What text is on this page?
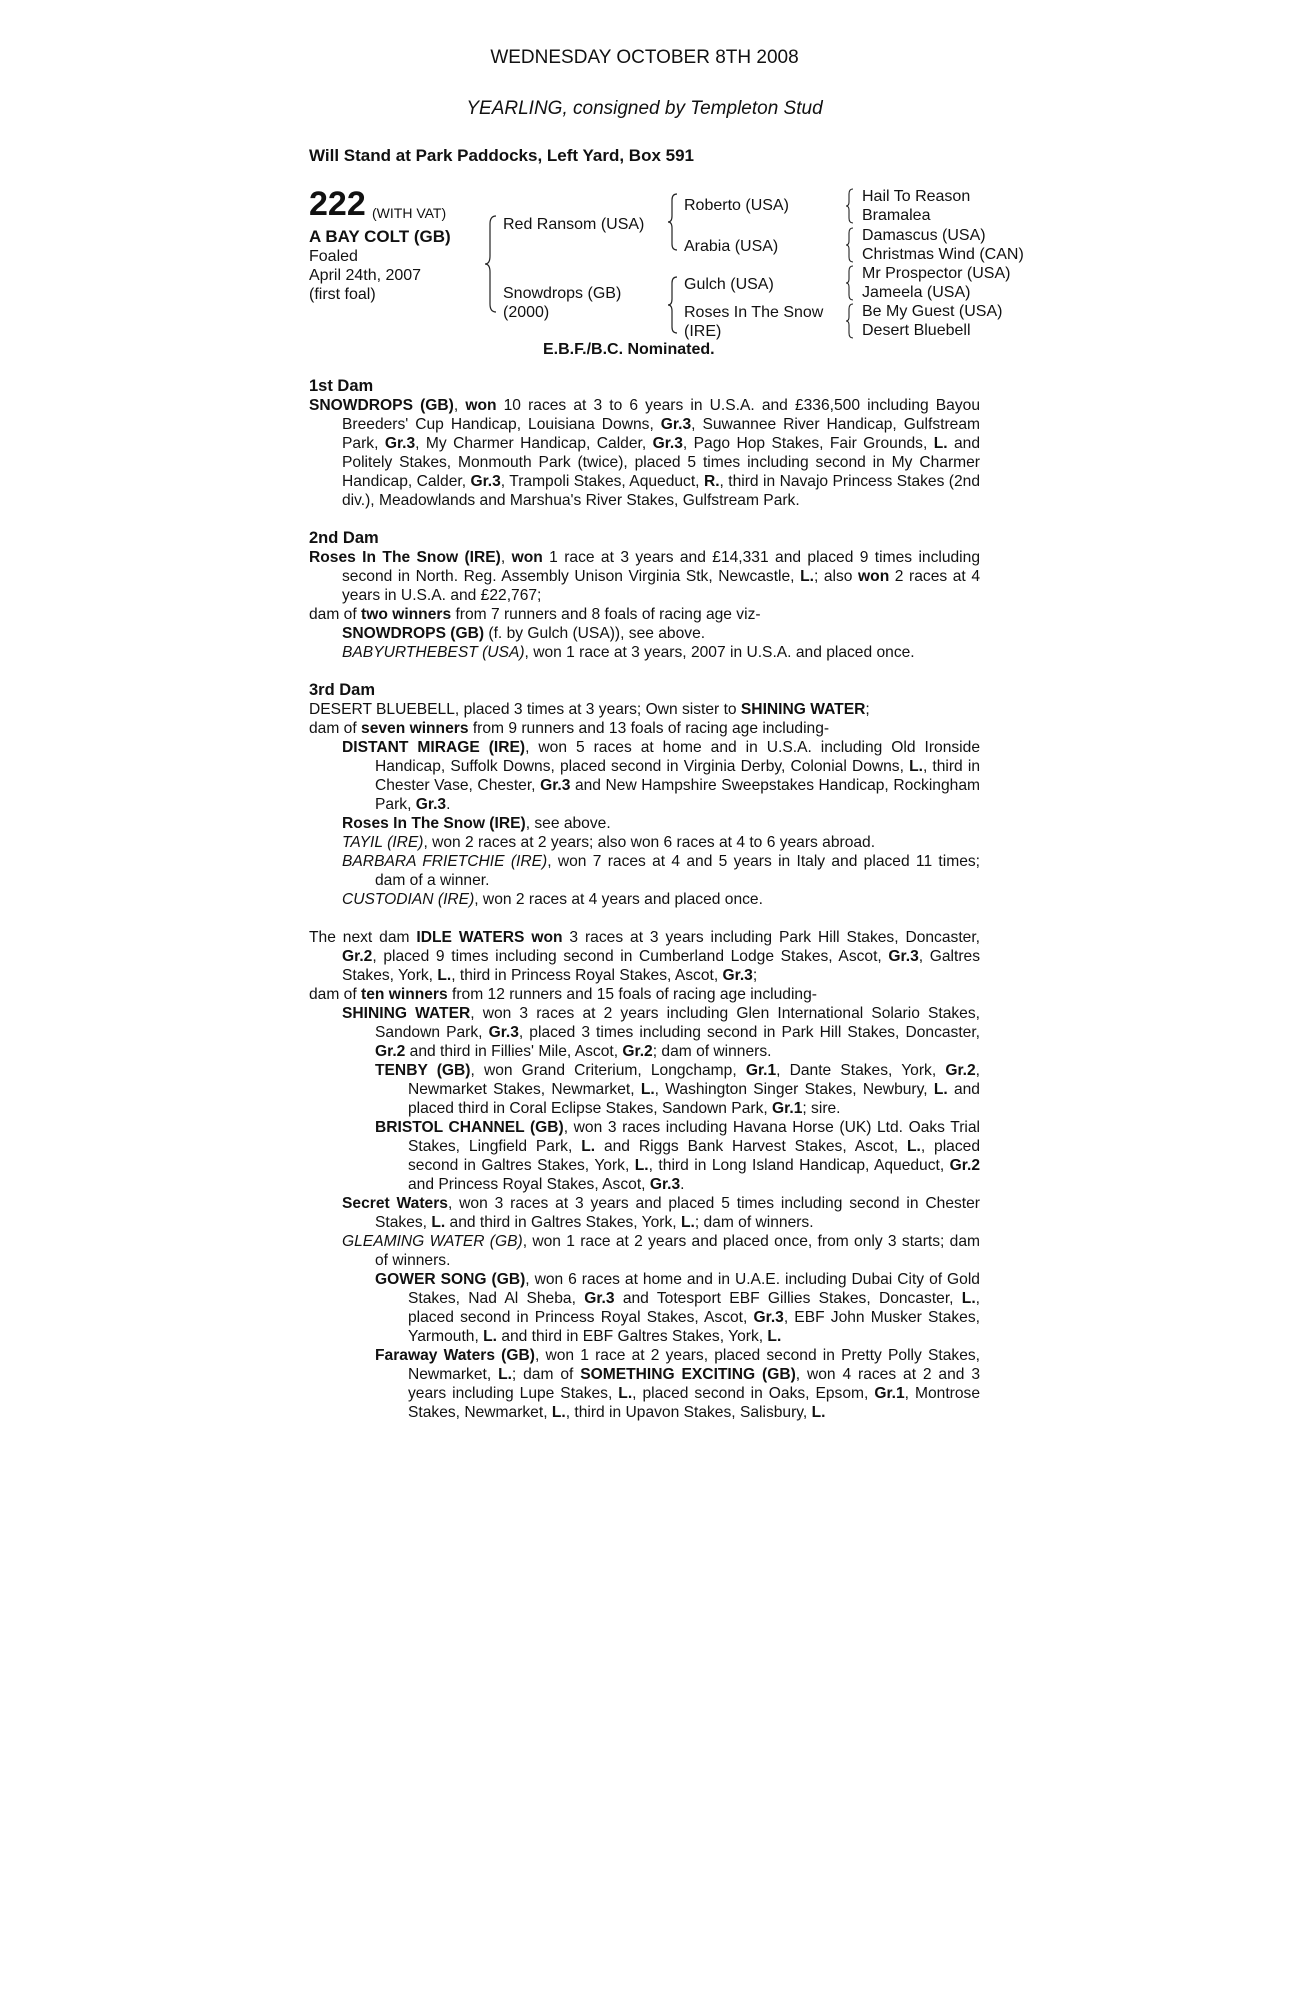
WEDNESDAY OCTOBER 8TH 2008
YEARLING, consigned by Templeton Stud
Will Stand at Park Paddocks, Left Yard, Box 591
222 (WITH VAT)
A BAY COLT (GB)
Foaled
April 24th, 2007
(first foal)
Red Ransom (USA)
Snowdrops (GB)
(2000)
Roberto (USA)
Arabia (USA)
Gulch (USA)
Roses In The Snow
(IRE)
Hail To Reason
Bramalea
Damascus (USA)
Christmas Wind (CAN)
Mr Prospector (USA)
Jameela (USA)
Be My Guest (USA)
Desert Bluebell
E.B.F./B.C. Nominated.
1st Dam

SNOWDROPS (GB), won 10 races at 3 to 6 years in U.S.A. and £336,500 including Bayou Breeders' Cup Handicap, Louisiana Downs, Gr.3, Suwannee River Handicap, Gulfstream Park, Gr.3, My Charmer Handicap, Calder, Gr.3, Pago Hop Stakes, Fair Grounds, L. and Politely Stakes, Monmouth Park (twice), placed 5 times including second in My Charmer Handicap, Calder, Gr.3, Trampoli Stakes, Aqueduct, R., third in Navajo Princess Stakes (2nd div.), Meadowlands and Marshua's River Stakes, Gulfstream Park.

2nd Dam

Roses In The Snow (IRE), won 1 race at 3 years and £14,331 and placed 9 times including second in North. Reg. Assembly Unison Virginia Stk, Newcastle, L.; also won 2 races at 4 years in U.S.A. and £22,767;

dam of two winners from 7 runners and 8 foals of racing age viz-

SNOWDROPS (GB) (f. by Gulch (USA)), see above.

BABYURTHEBEST (USA), won 1 race at 3 years, 2007 in U.S.A. and placed once.

3rd Dam

DESERT BLUEBELL, placed 3 times at 3 years; Own sister to SHINING WATER;

dam of seven winners from 9 runners and 13 foals of racing age including-

DISTANT MIRAGE (IRE), won 5 races at home and in U.S.A. including Old Ironside Handicap, Suffolk Downs, placed second in Virginia Derby, Colonial Downs, L., third in Chester Vase, Chester, Gr.3 and New Hampshire Sweepstakes Handicap, Rockingham Park, Gr.3.

Roses In The Snow (IRE), see above.

TAYIL (IRE), won 2 races at 2 years; also won 6 races at 4 to 6 years abroad.

BARBARA FRIETCHIE (IRE), won 7 races at 4 and 5 years in Italy and placed 11 times; dam of a winner.

CUSTODIAN (IRE), won 2 races at 4 years and placed once.

The next dam IDLE WATERS won 3 races at 3 years including Park Hill Stakes, Doncaster, Gr.2, placed 9 times including second in Cumberland Lodge Stakes, Ascot, Gr.3, Galtres Stakes, York, L., third in Princess Royal Stakes, Ascot, Gr.3;

dam of ten winners from 12 runners and 15 foals of racing age including-

SHINING WATER, won 3 races at 2 years including Glen International Solario Stakes, Sandown Park, Gr.3, placed 3 times including second in Park Hill Stakes, Doncaster, Gr.2 and third in Fillies' Mile, Ascot, Gr.2; dam of winners.

TENBY (GB), won Grand Criterium, Longchamp, Gr.1, Dante Stakes, York, Gr.2, Newmarket Stakes, Newmarket, L., Washington Singer Stakes, Newbury, L. and placed third in Coral Eclipse Stakes, Sandown Park, Gr.1; sire.

BRISTOL CHANNEL (GB), won 3 races including Havana Horse (UK) Ltd. Oaks Trial Stakes, Lingfield Park, L. and Riggs Bank Harvest Stakes, Ascot, L., placed second in Galtres Stakes, York, L., third in Long Island Handicap, Aqueduct, Gr.2 and Princess Royal Stakes, Ascot, Gr.3.

Secret Waters, won 3 races at 3 years and placed 5 times including second in Chester Stakes, L. and third in Galtres Stakes, York, L.; dam of winners.

GLEAMING WATER (GB), won 1 race at 2 years and placed once, from only 3 starts; dam of winners.

GOWER SONG (GB), won 6 races at home and in U.A.E. including Dubai City of Gold Stakes, Nad Al Sheba, Gr.3 and Totesport EBF Gillies Stakes, Doncaster, L., placed second in Princess Royal Stakes, Ascot, Gr.3, EBF John Musker Stakes, Yarmouth, L. and third in EBF Galtres Stakes, York, L.

Faraway Waters (GB), won 1 race at 2 years, placed second in Pretty Polly Stakes, Newmarket, L.; dam of SOMETHING EXCITING (GB), won 4 races at 2 and 3 years including Lupe Stakes, L., placed second in Oaks, Epsom, Gr.1, Montrose Stakes, Newmarket, L., third in Upavon Stakes, Salisbury, L.
